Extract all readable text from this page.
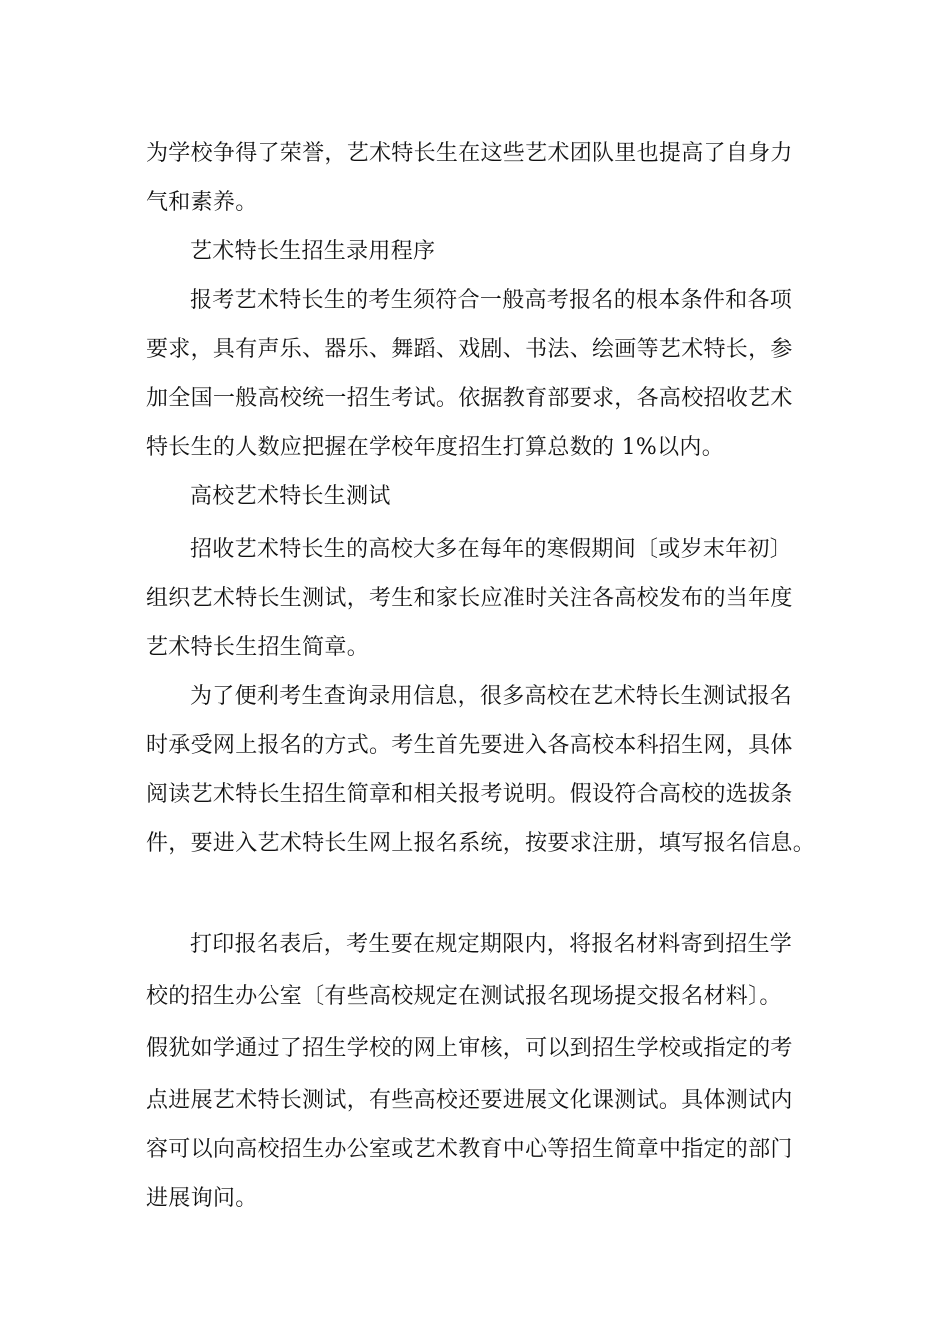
为学校争得了荣誉，艺术特长生在这些艺术团队里也提高了自身力

气和素养。

艺术特长生招生录用程序

报考艺术特长生的考生须符合一般高考报名的根本条件和各项

要求，具有声乐、器乐、舞蹈、戏剧、书法、绘画等艺术特长，参

加全国一般高校统一招生考试。依据教育部要求，各高校招收艺术

特长生的人数应把握在学校年度招生打算总数的 1%以内。

高校艺术特长生测试

招收艺术特长生的高校大多在每年的寒假期间〔或岁末年初〕

组织艺术特长生测试，考生和家长应准时关注各高校发布的当年度

艺术特长生招生简章。

为了便利考生查询录用信息，很多高校在艺术特长生测试报名

时承受网上报名的方式。考生首先要进入各高校本科招生网，具体

阅读艺术特长生招生简章和相关报考说明。假设符合高校的选拔条

件，要进入艺术特长生网上报名系统，按要求注册，填写报名信息。

打印报名表后，考生要在规定期限内，将报名材料寄到招生学

校的招生办公室〔有些高校规定在测试报名现场提交报名材料〕。

假犹如学通过了招生学校的网上审核，可以到招生学校或指定的考

点进展艺术特长测试，有些高校还要进展文化课测试。具体测试内

容可以向高校招生办公室或艺术教育中心等招生简章中指定的部门

进展询问。
